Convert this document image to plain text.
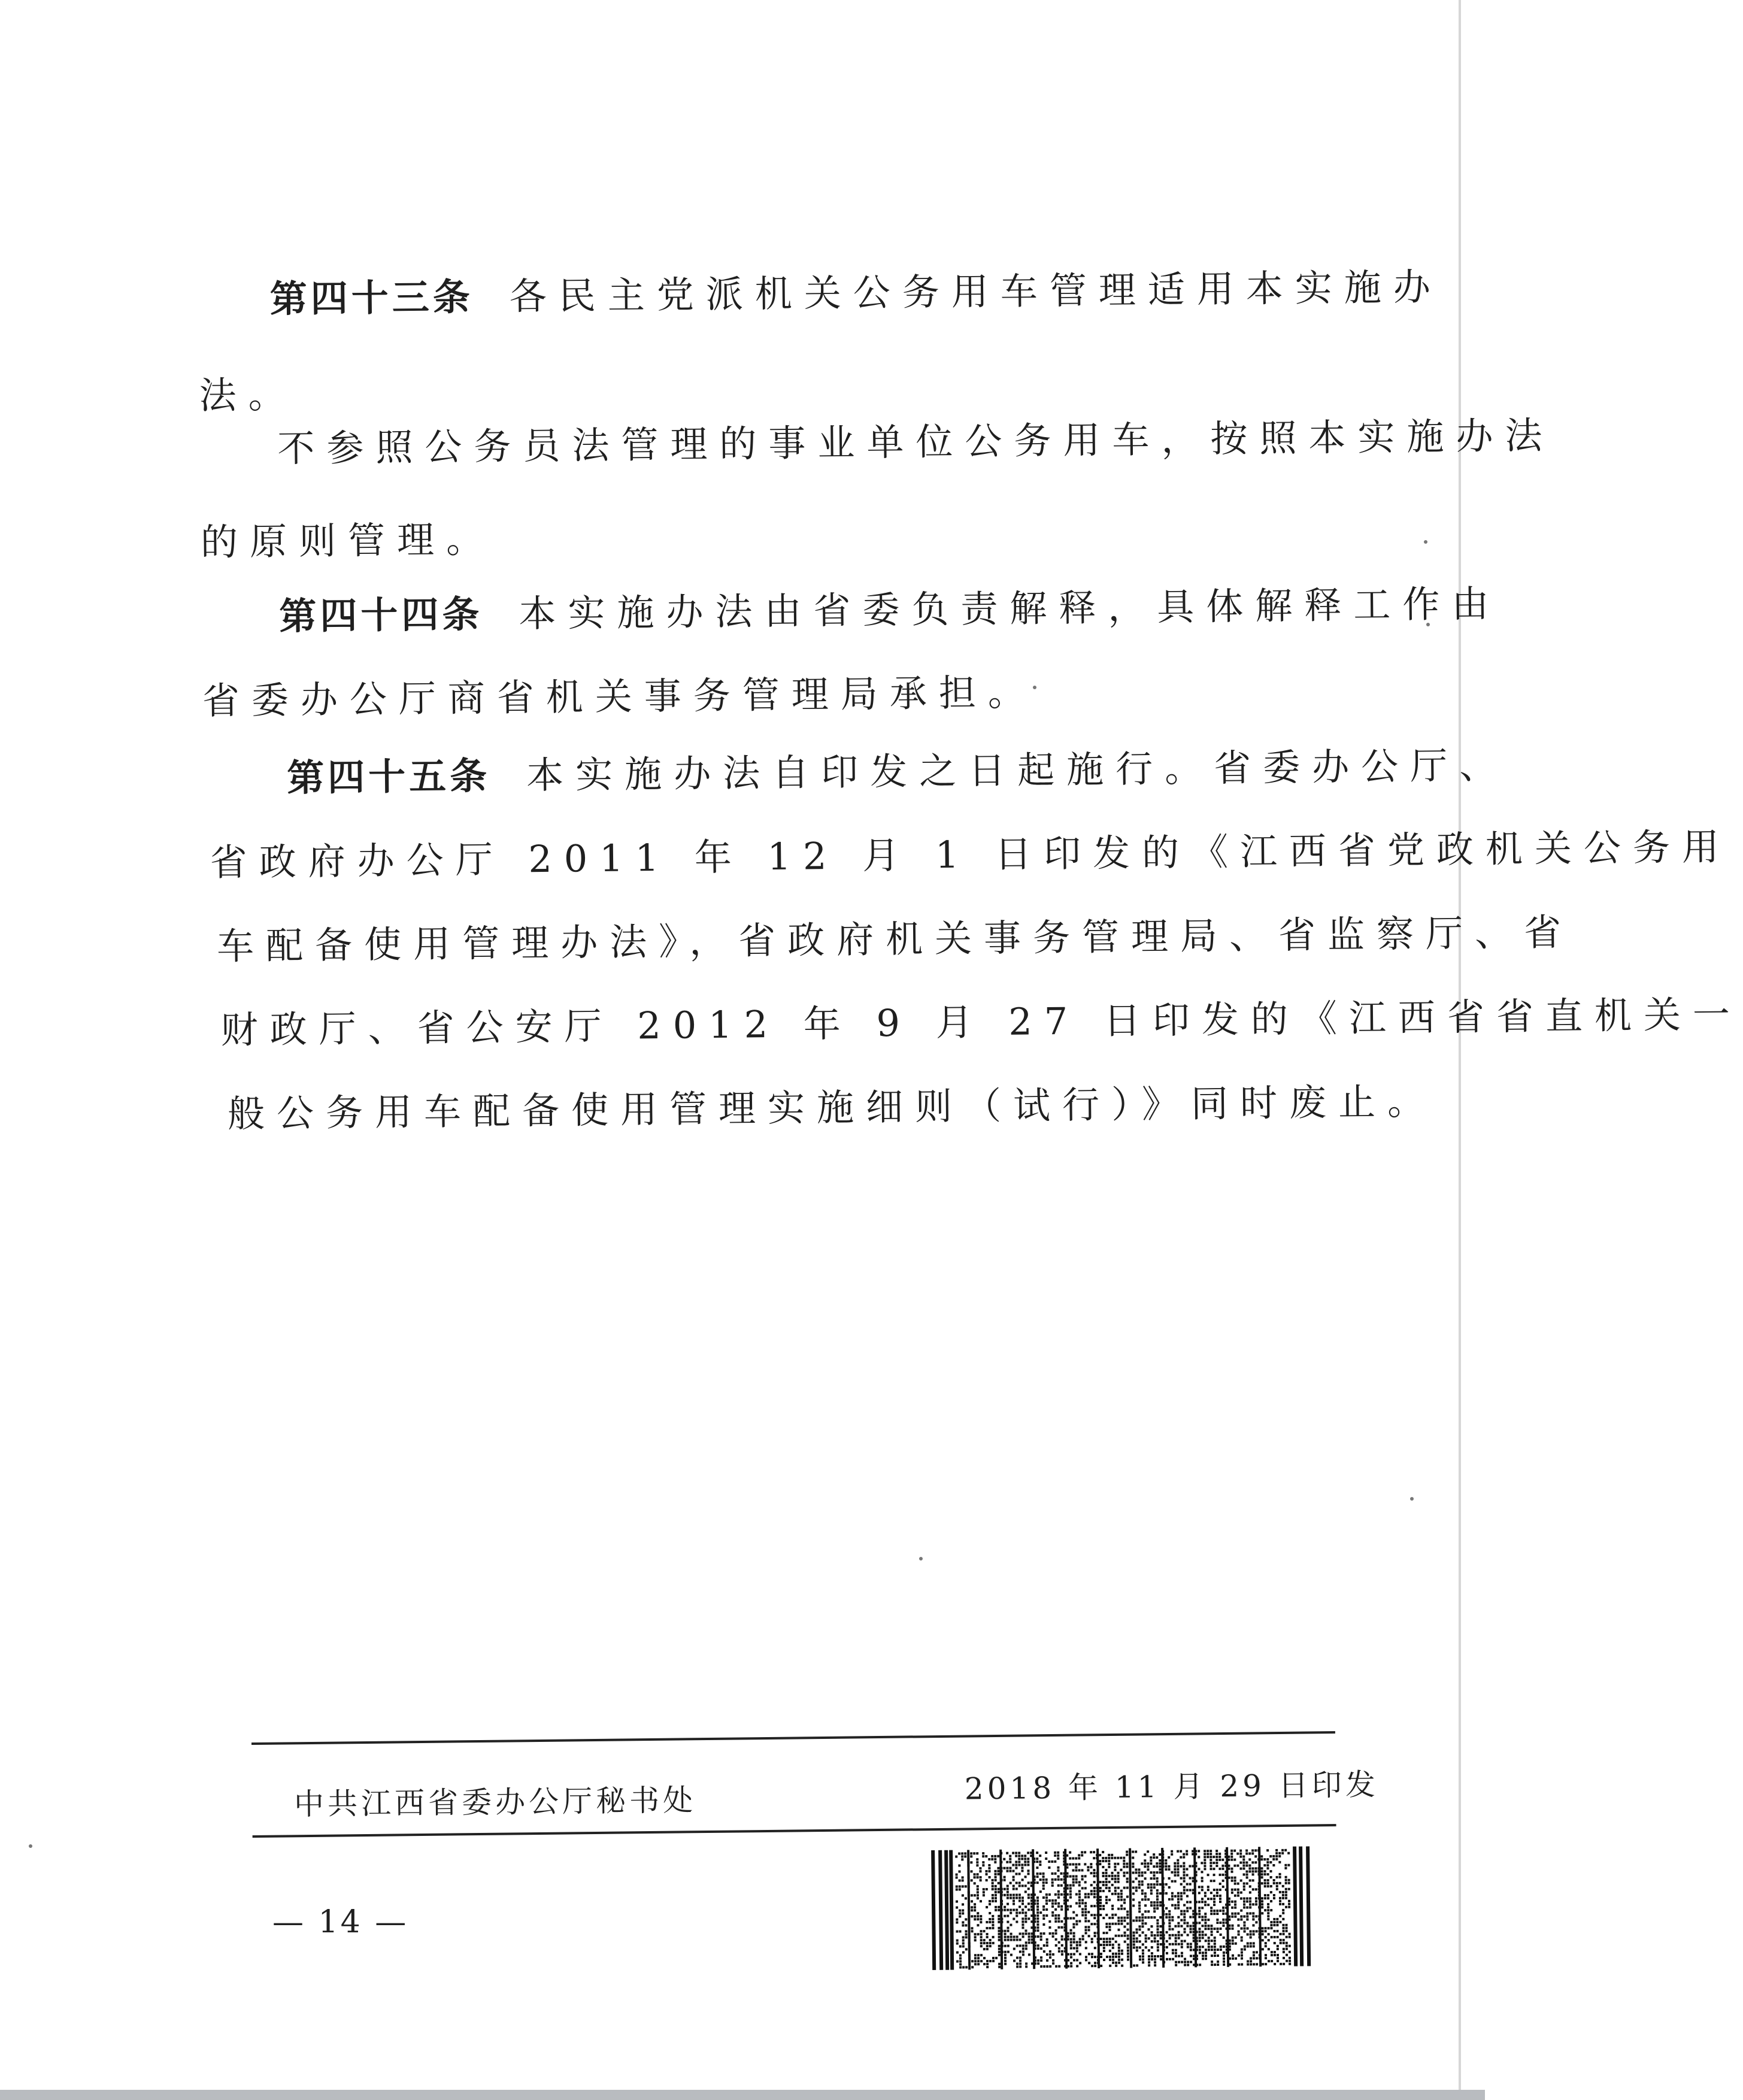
第四十三条 各民主党派机关公务用车管理适用本实施办
法。
不参照公务员法管理的事业单位公务用车，按照本实施办法
的原则管理。
第四十四条 本实施办法由省委负责解释，具体解释工作由
省委办公厅商省机关事务管理局承担。
第四十五条 本实施办法自印发之日起施行。省委办公厅、
省政府办公厅 2011 年 12 月 1 日印发的《江西省党政机关公务用
车配备使用管理办法》，省政府机关事务管理局、省监察厅、省
财政厅、省公安厅 2012 年 9 月 27 日印发的《江西省省直机关一
般公务用车配备使用管理实施细则（试行）》同时废止。
中共江西省委办公厅秘书处	2018 年 11 月 29 日印发
— 14 —
